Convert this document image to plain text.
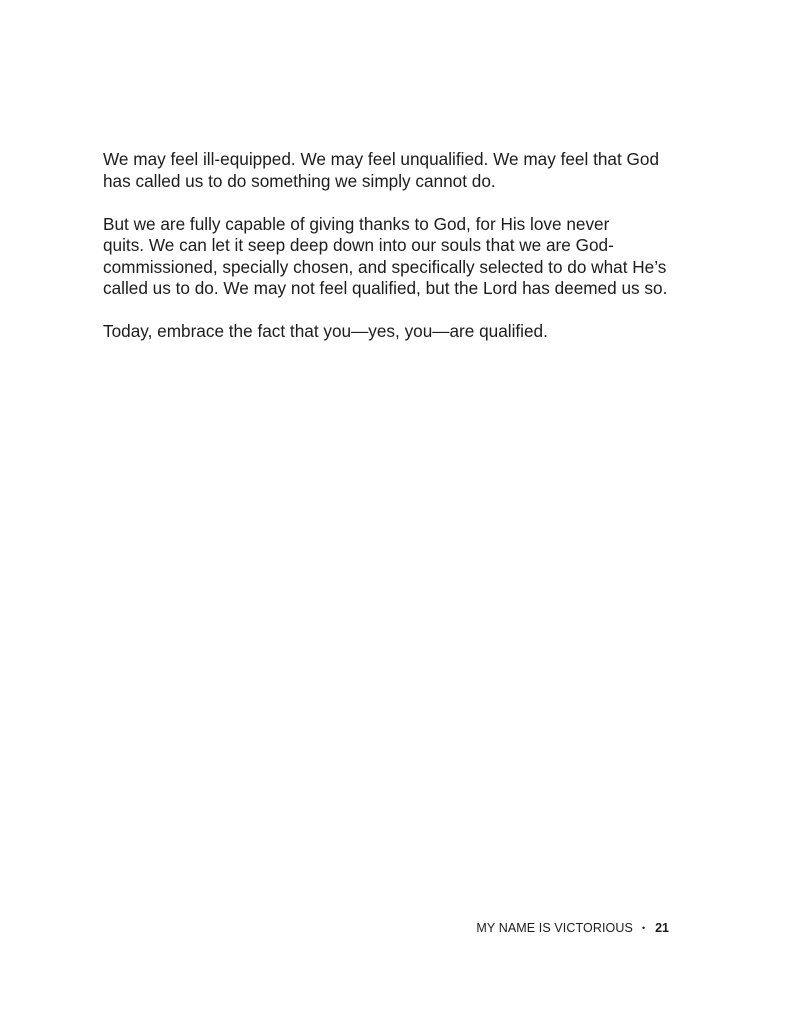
We may feel ill-equipped. We may feel unqualified. We may feel that God
has called us to do something we simply cannot do.

But we are fully capable of giving thanks to God, for His love never
quits. We can let it seep deep down into our souls that we are God-
commissioned, specially chosen, and specifically selected to do what He’s
called us to do. We may not feel qualified, but the Lord has deemed us so.

Today, embrace the fact that you—yes, you—are qualified.

MY NAME IS VICTORIOUS • 21
